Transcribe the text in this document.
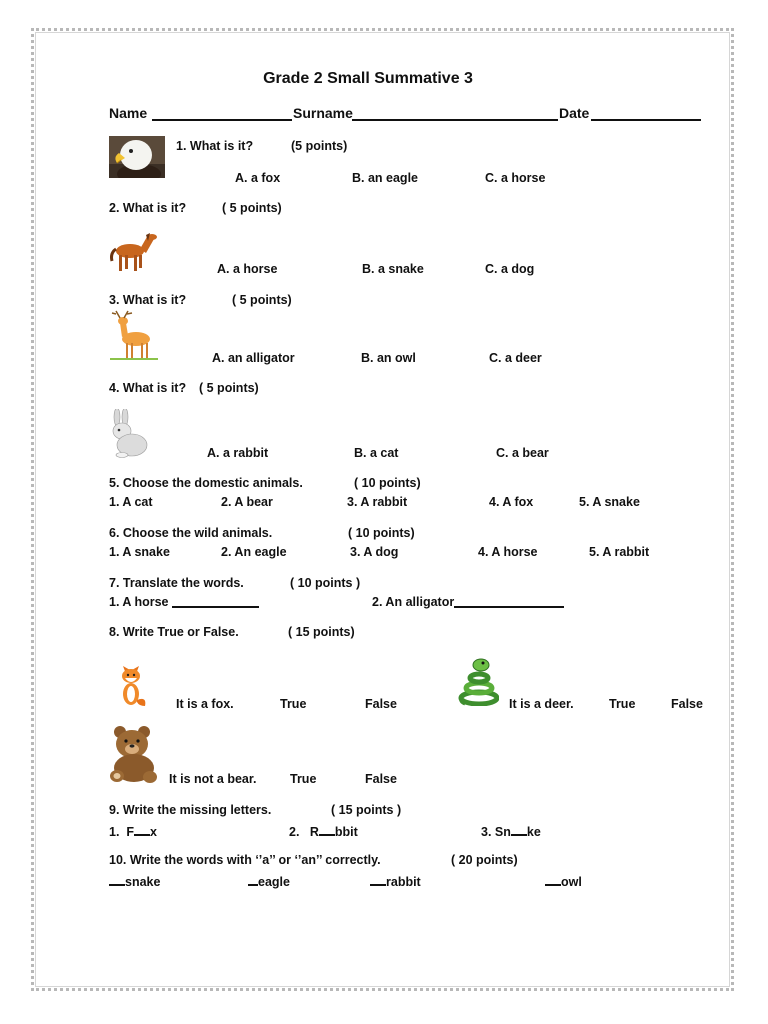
Grade 2 Small Summative 3
Name	Surname	Date
1. What is it?	(5 points)
A. a fox	B. an eagle	C. a horse
2. What is it?	( 5 points)
A. a horse	B. a snake	C. a dog
3. What is it?	( 5 points)
A. an alligator	B. an owl	C. a deer
4. What is it? ( 5 points)
A. a rabbit	B. a cat	C. a bear
5. Choose the domestic animals.	( 10 points)
1. A cat	2. A bear	3. A rabbit	4. A fox	5. A snake
6. Choose the wild animals.	( 10 points)
1. A snake	2. An eagle	3. A dog	4. A horse	5. A rabbit
7. Translate the words.	( 10 points )
1. A horse	2. An alligator
8. Write True or False.	( 15 points)
It is a fox.	True	False	It is a deer.	True	False
It is not a bear.	True	False
9. Write the missing letters.	( 15 points )
1. F x	2. R bbit	3. Sn ke
10. Write the words with ‘’a’’ or ‘’an’’ correctly.	( 20 points)
snake	eagle	rabbit	owl
